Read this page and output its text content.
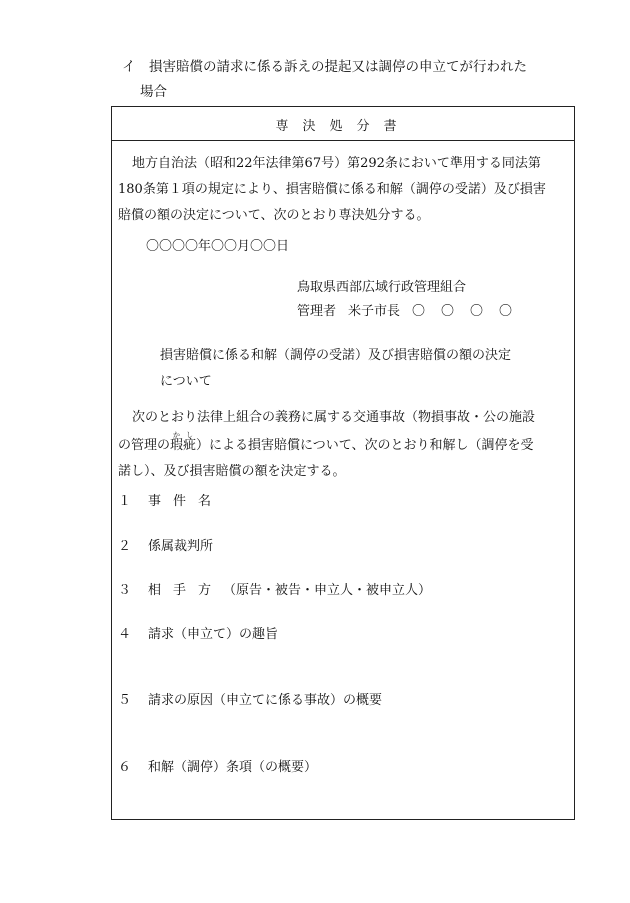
イ　損害賠償の請求に係る訴えの提起又は調停の申立てが行われた
場合
専決処分書
地方自治法（昭和22年法律第67号）第292条において準用する同法第
180条第１項の規定により、損害賠償に係る和解（調停の受諾）及び損害
賠償の額の決定について、次のとおり専決処分する。
〇〇〇〇年〇〇月〇〇日
鳥取県西部広域行政管理組合
管理者 米子市長 〇〇〇〇
損害賠償に係る和解（調停の受諾）及び損害賠償の額の決定
について
次のとおり法律上組合の義務に属する交通事故（物損事故・公の施設
の管理の瑕疵かし）による損害賠償について、次のとおり和解し（調停を受
諾し）、及び損害賠償の額を決定する。
１ 事件名
２ 係属裁判所
３ 相手方（原告・被告・申立人・被申立人）
４ 請求（申立て）の趣旨
５ 請求の原因（申立てに係る事故）の概要
６ 和解（調停）条項（の概要）
